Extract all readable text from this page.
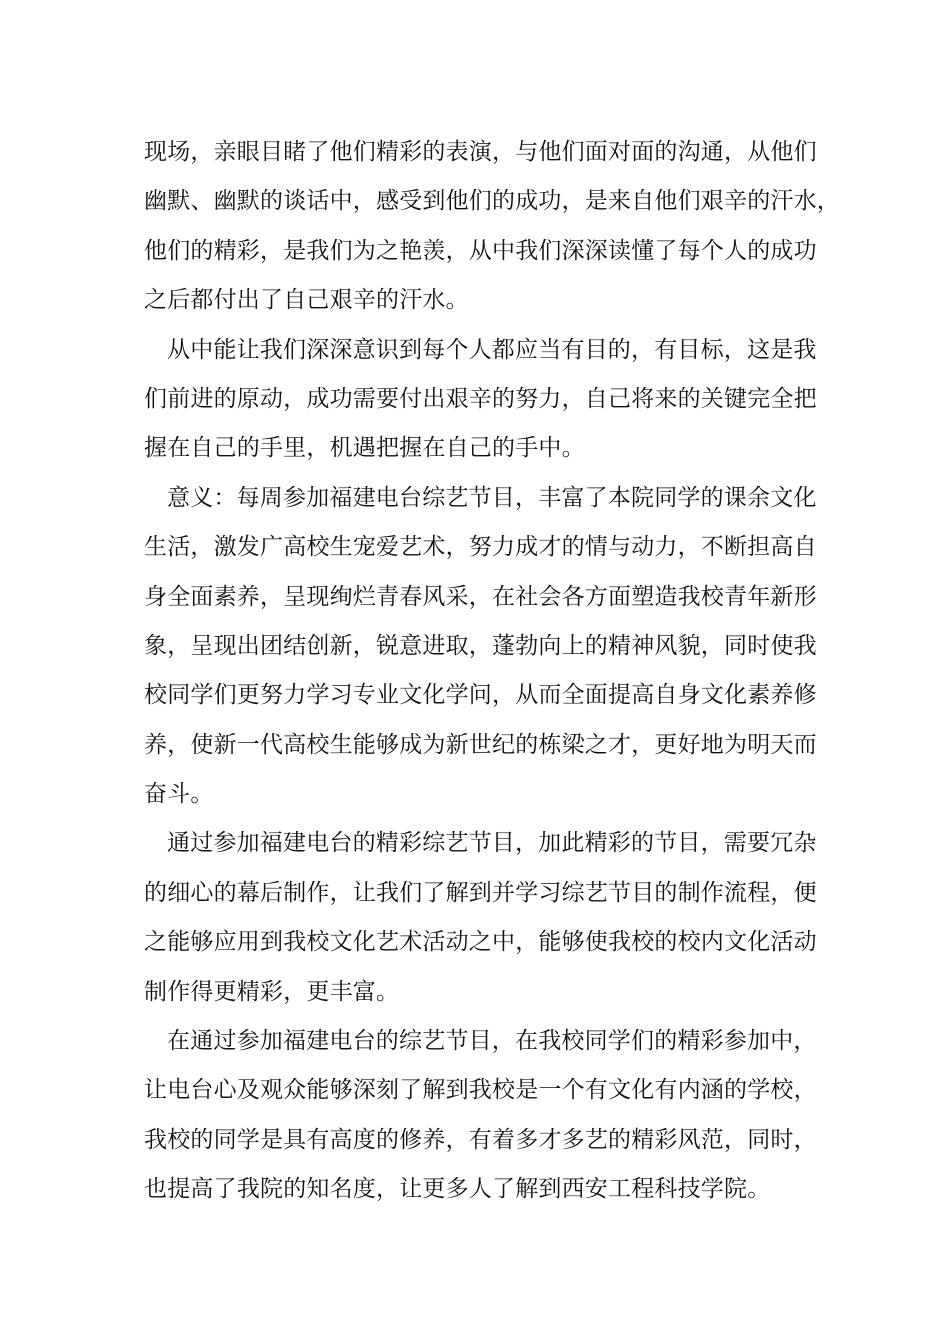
现场，亲眼目睹了他们精彩的表演，与他们面对面的沟通，从他们
幽默、幽默的谈话中，感受到他们的成功，是来自他们艰辛的汗水，
他们的精彩，是我们为之艳羡，从中我们深深读懂了每个人的成功
之后都付出了自己艰辛的汗水。
从中能让我们深深意识到每个人都应当有目的，有目标，这是我
们前进的原动，成功需要付出艰辛的努力，自己将来的关键完全把
握在自己的手里，机遇把握在自己的手中。
意义：每周参加福建电台综艺节目，丰富了本院同学的课余文化
生活，激发广高校生宠爱艺术，努力成才的情与动力，不断担高自
身全面素养，呈现绚烂青春风采，在社会各方面塑造我校青年新形
象，呈现出团结创新，锐意进取，蓬勃向上的精神风貌，同时使我
校同学们更努力学习专业文化学问，从而全面提高自身文化素养修
养，使新一代高校生能够成为新世纪的栋梁之才，更好地为明天而
奋斗。
通过参加福建电台的精彩综艺节目，加此精彩的节目，需要冗杂
的细心的幕后制作，让我们了解到并学习综艺节目的制作流程，便
之能够应用到我校文化艺术活动之中，能够使我校的校内文化活动
制作得更精彩，更丰富。
在通过参加福建电台的综艺节目，在我校同学们的精彩参加中，
让电台心及观众能够深刻了解到我校是一个有文化有内涵的学校，
我校的同学是具有高度的修养，有着多才多艺的精彩风范，同时，
也提高了我院的知名度，让更多人了解到西安工程科技学院。
